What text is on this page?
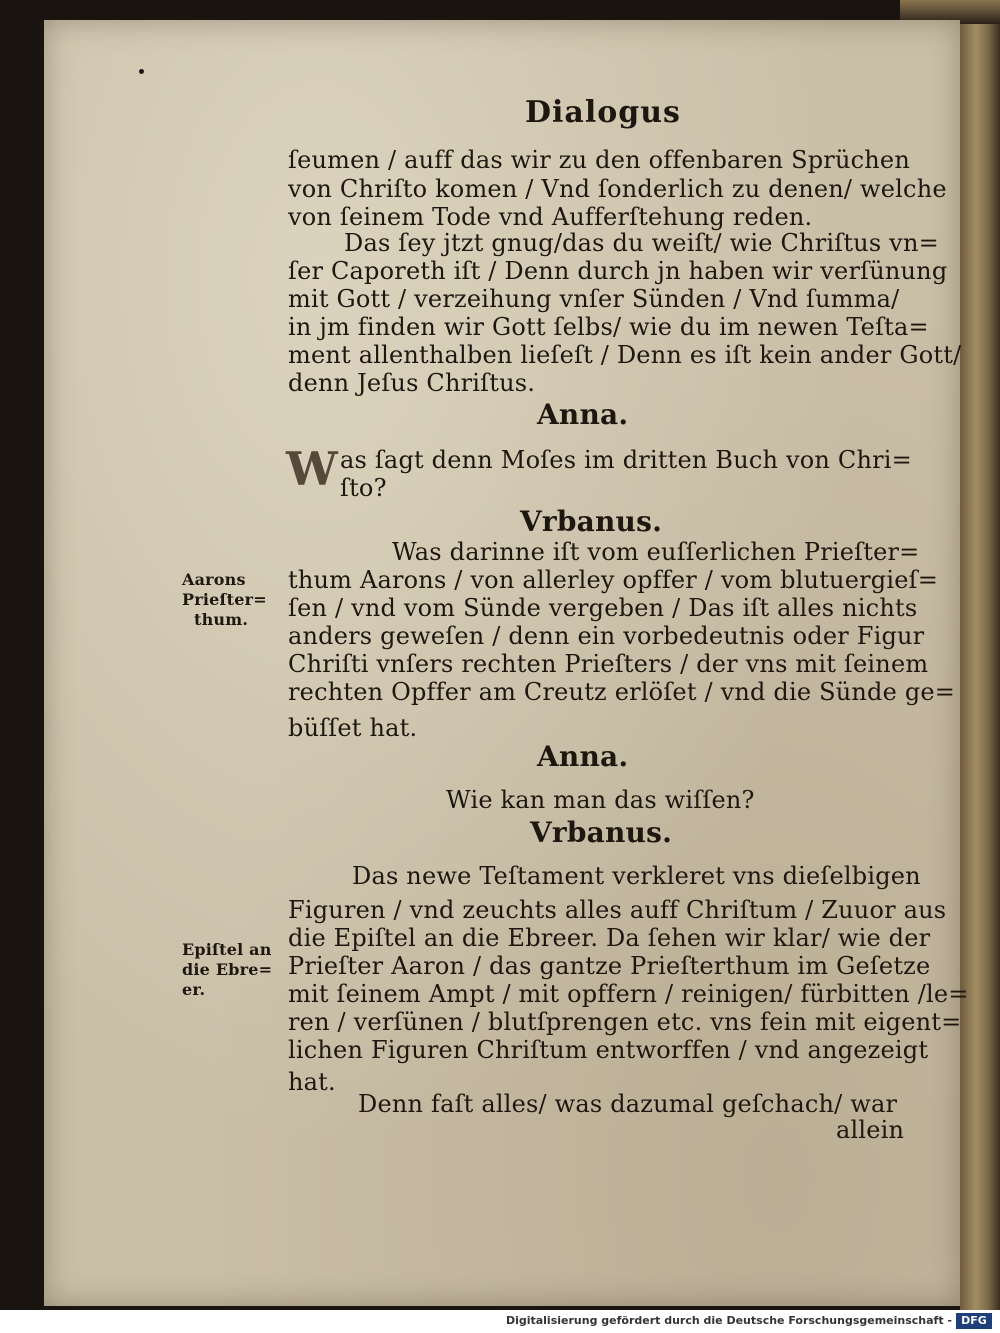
Dialogus
ſeumen / auff das wir zu den offenbaren Sprüchen
von Chriſto komen / Vnd ſonderlich zu denen/ welche
von ſeinem Tode vnd Aufferſtehung reden.
Das ſey jtzt gnug/das du weiſt/ wie Chriſtus vn=
ſer Caporeth iſt / Denn durch jn haben wir verſünung
mit Gott / verzeihung vnſer Sünden / Vnd ſumma/
in jm finden wir Gott ſelbs/ wie du im newen Teſta=
ment allenthalben lieſeſt / Denn es iſt kein ander Gott/
denn Jeſus Chriſtus.
Anna.
W as ſagt denn Moſes im dritten Buch von Chri=
ſto?
Vrbanus.
Was darinne iſt vom euſſerlichen Prieſter=
thum Aarons / von allerley opffer / vom blutuergieſ=
ſen / vnd vom Sünde vergeben / Das iſt alles nichts
anders geweſen / denn ein vorbedeutnis oder Figur
Chriſti vnſers rechten Prieſters / der vns mit ſeinem
rechten Opffer am Creutz erlöſet / vnd die Sünde ge=
büſſet hat.
Aarons
Prieſter=
thum.
Anna.
Wie kan man das wiſſen?
Vrbanus.
Das newe Teſtament verkleret vns dieſelbigen
Figuren / vnd zeuchts alles auff Chriſtum / Zuuor aus
die Epiſtel an die Ebreer. Da ſehen wir klar/ wie der
Prieſter Aaron / das gantze Prieſterthum im Geſetze
mit ſeinem Ampt / mit opffern / reinigen/ fürbitten /le=
ren / verſünen / blutſprengen etc. vns fein mit eigent=
lichen Figuren Chriſtum entworffen / vnd angezeigt
hat.
Denn faſt alles/ was dazumal geſchach/ war
allein
Epiſtel an
die Ebre=
er.
Digitalisierung gefördert durch die Deutsche Forschungsgemeinschaft - DFG
